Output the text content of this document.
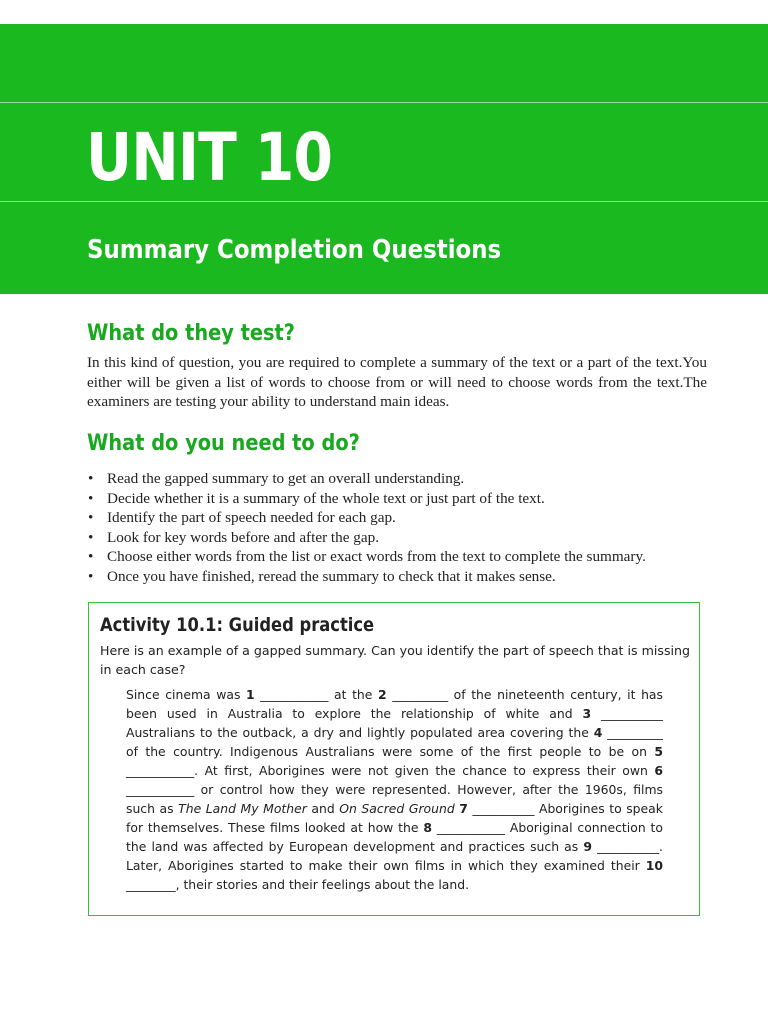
UNIT 10
Summary Completion Questions
What do they test?

In this kind of question, you are required to complete a summary of the text or a part of the text.You either will be given a list of words to choose from or will need to choose words from the text.The examiners are testing your ability to understand main ideas.

What do you need to do?
• Read the gapped summary to get an overall understanding.
• Decide whether it is a summary of the whole text or just part of the text.
• Identify the part of speech needed for each gap.
• Look for key words before and after the gap.
• Choose either words from the list or exact words from the text to complete the summary.
• Once you have finished, reread the summary to check that it makes sense.
Activity 10.1: Guided practice

Here is an example of a gapped summary. Can you identify the part of speech that is missing in each case?

Since cinema was 1 ___________ at the 2 _________ of the nineteenth century, it has been used in Australia to explore the relationship of white and 3 __________ Australians to the outback, a dry and lightly populated area covering the 4 _________ of the country. Indigenous Australians were some of the first people to be on 5 ___________. At first, Aborigines were not given the chance to express their own 6 ___________ or control how they were represented. However, after the 1960s, films such as The Land My Mother and On Sacred Ground 7 __________ Aborigines to speak for themselves. These films looked at how the 8 ___________ Aboriginal connection to the land was affected by European development and practices such as 9 __________. Later, Aborigines started to make their own films in which they examined their 10 ________, their stories and their feelings about the land.
